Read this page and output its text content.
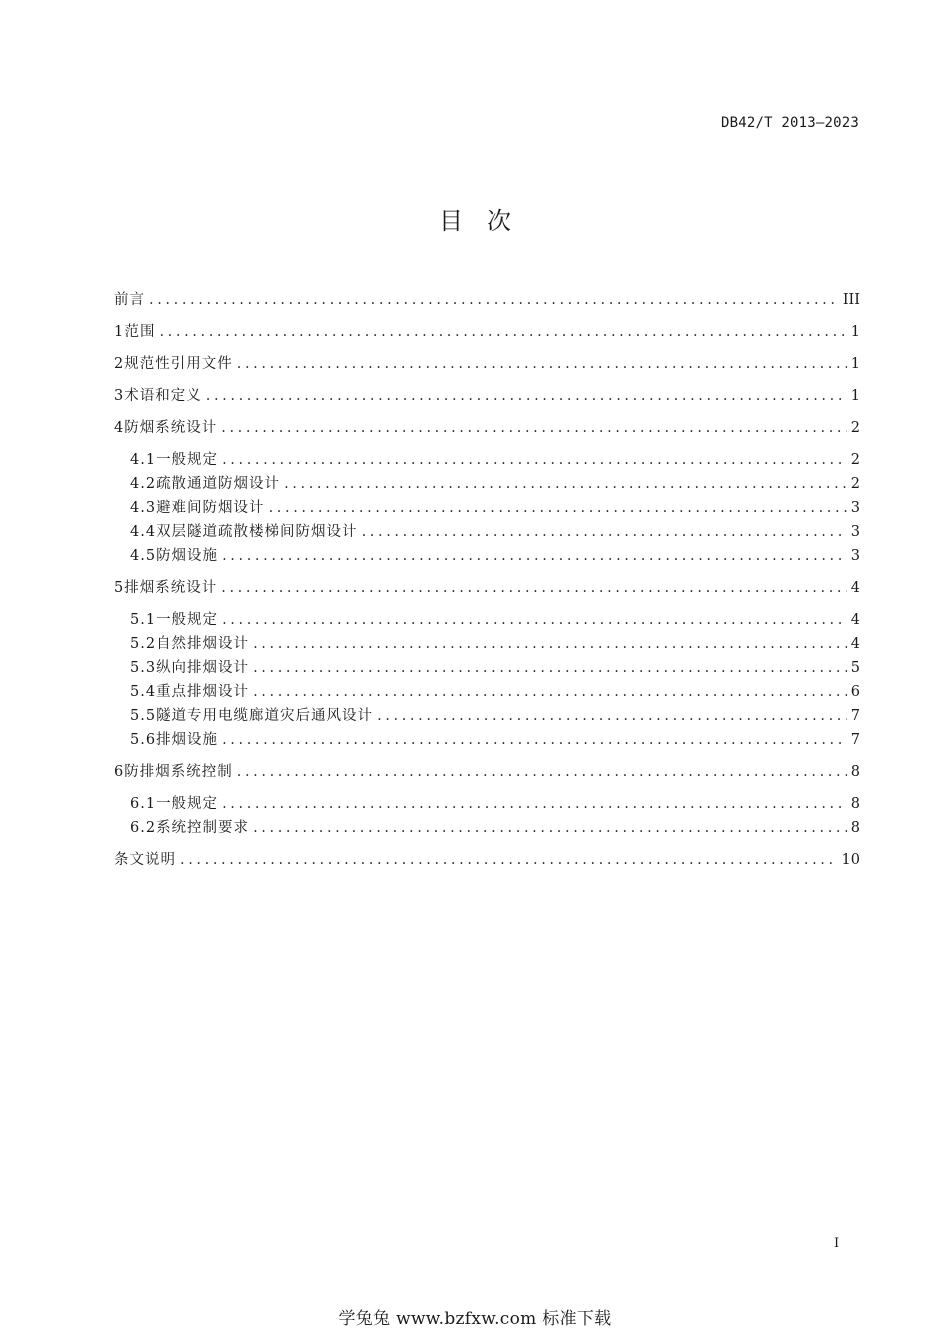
DB42/T 2013—2023
目　次
前言 .....	III
1 范围 .....	1
2 规范性引用文件 .....	1
3 术语和定义 .....	1
4 防烟系统设计 .....	2
4.1 一般规定 .....	2
4.2 疏散通道防烟设计 .....	2
4.3 避难间防烟设计 .....	3
4.4 双层隧道疏散楼梯间防烟设计 .....	3
4.5 防烟设施 .....	3
5 排烟系统设计 .....	4
5.1 一般规定 .....	4
5.2 自然排烟设计 .....	4
5.3 纵向排烟设计 .....	5
5.4 重点排烟设计 .....	6
5.5 隧道专用电缆廊道灾后通风设计 .....	7
5.6 排烟设施 .....	7
6 防排烟系统控制 .....	8
6.1 一般规定 .....	8
6.2 系统控制要求 .....	8
条文说明 .....	10
I
学兔兔 www.bzfxw.com 标准下载
